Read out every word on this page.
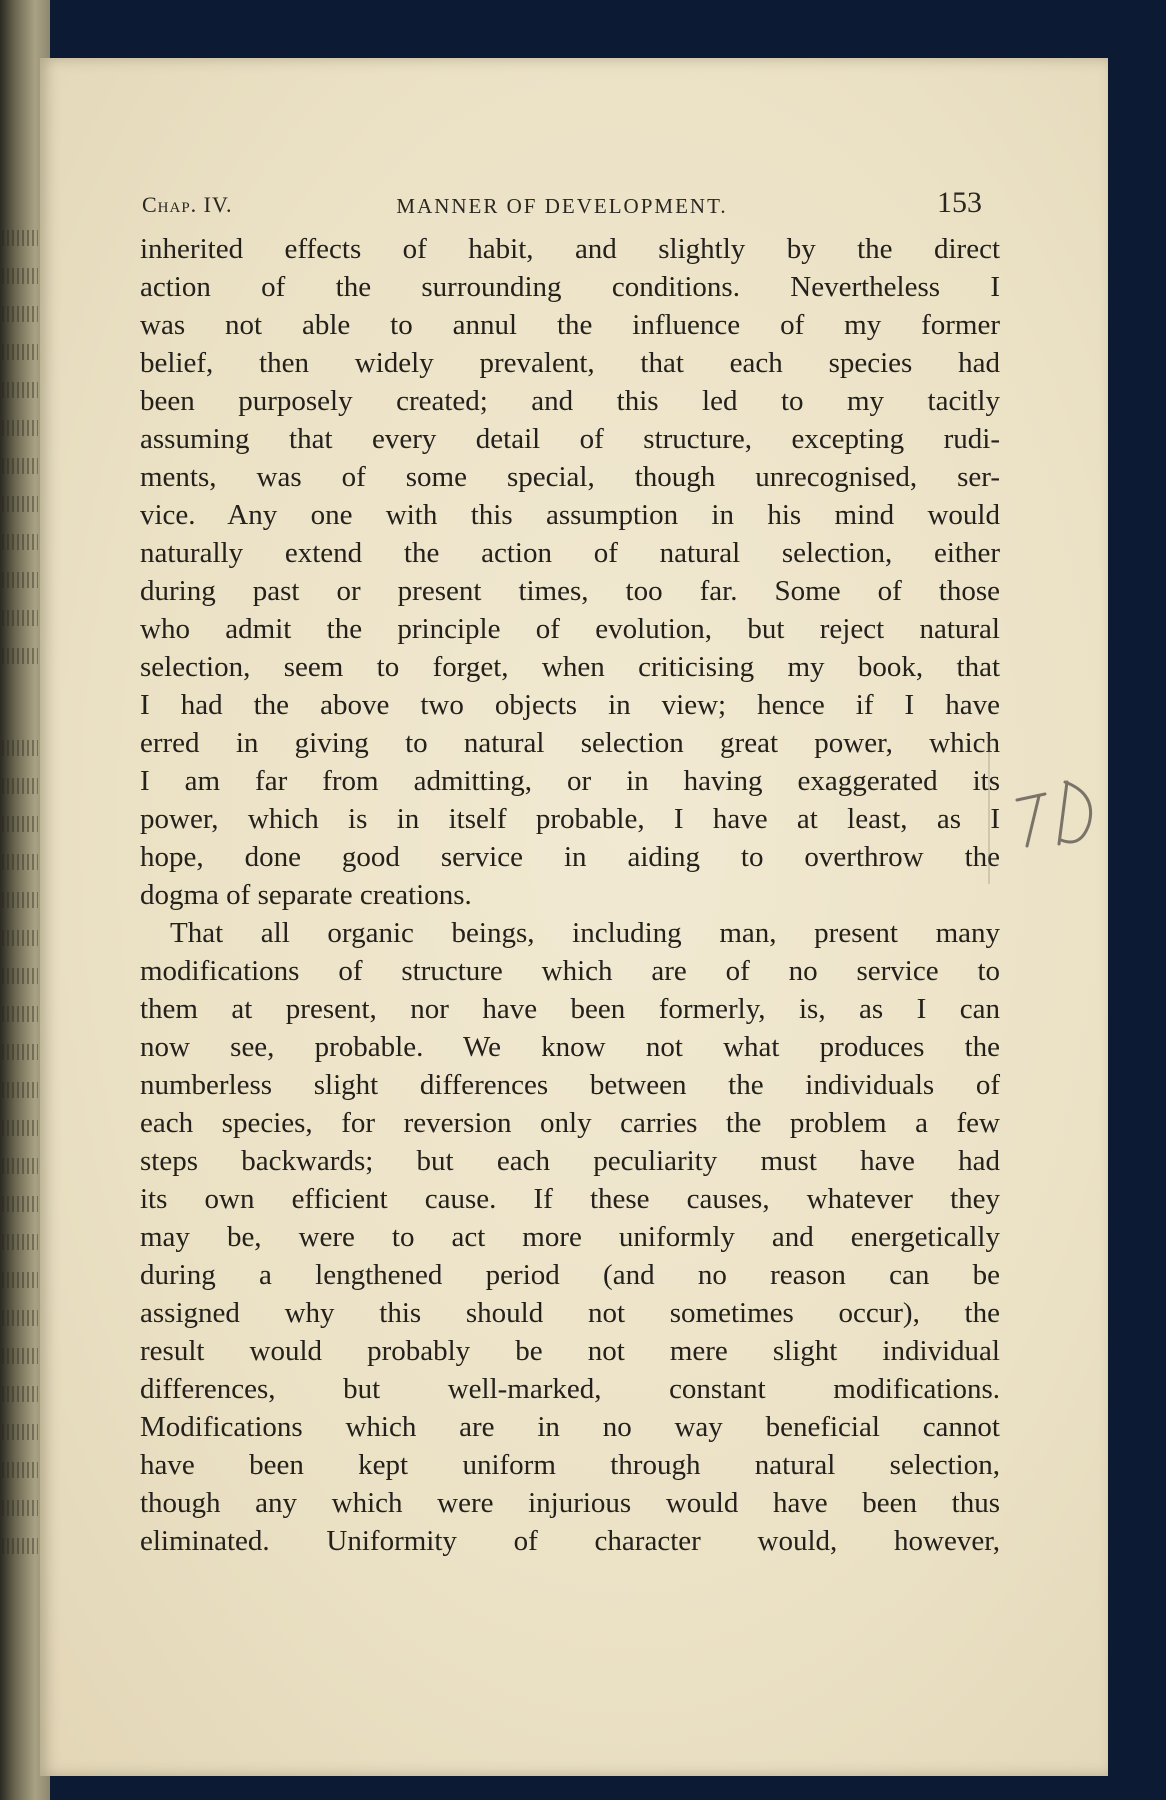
Chap. IV.	MANNER OF DEVELOPMENT.	153
inherited effects of habit, and slightly by the direct
action of the surrounding conditions. Nevertheless I
was not able to annul the influence of my former
belief, then widely prevalent, that each species had
been purposely created; and this led to my tacitly
assuming that every detail of structure, excepting rudi-
ments, was of some special, though unrecognised, ser-
vice. Any one with this assumption in his mind would
naturally extend the action of natural selection, either
during past or present times, too far. Some of those
who admit the principle of evolution, but reject natural
selection, seem to forget, when criticising my book, that
I had the above two objects in view; hence if I have
erred in giving to natural selection great power, which
I am far from admitting, or in having exaggerated its
power, which is in itself probable, I have at least, as I
hope, done good service in aiding to overthrow the
dogma of separate creations.
That all organic beings, including man, present many
modifications of structure which are of no service to
them at present, nor have been formerly, is, as I can
now see, probable. We know not what produces the
numberless slight differences between the individuals of
each species, for reversion only carries the problem a few
steps backwards; but each peculiarity must have had
its own efficient cause. If these causes, whatever they
may be, were to act more uniformly and energetically
during a lengthened period (and no reason can be
assigned why this should not sometimes occur), the
result would probably be not mere slight individual
differences, but well-marked, constant modifications.
Modifications which are in no way beneficial cannot
have been kept uniform through natural selection,
though any which were injurious would have been thus
eliminated. Uniformity of character would, however,
